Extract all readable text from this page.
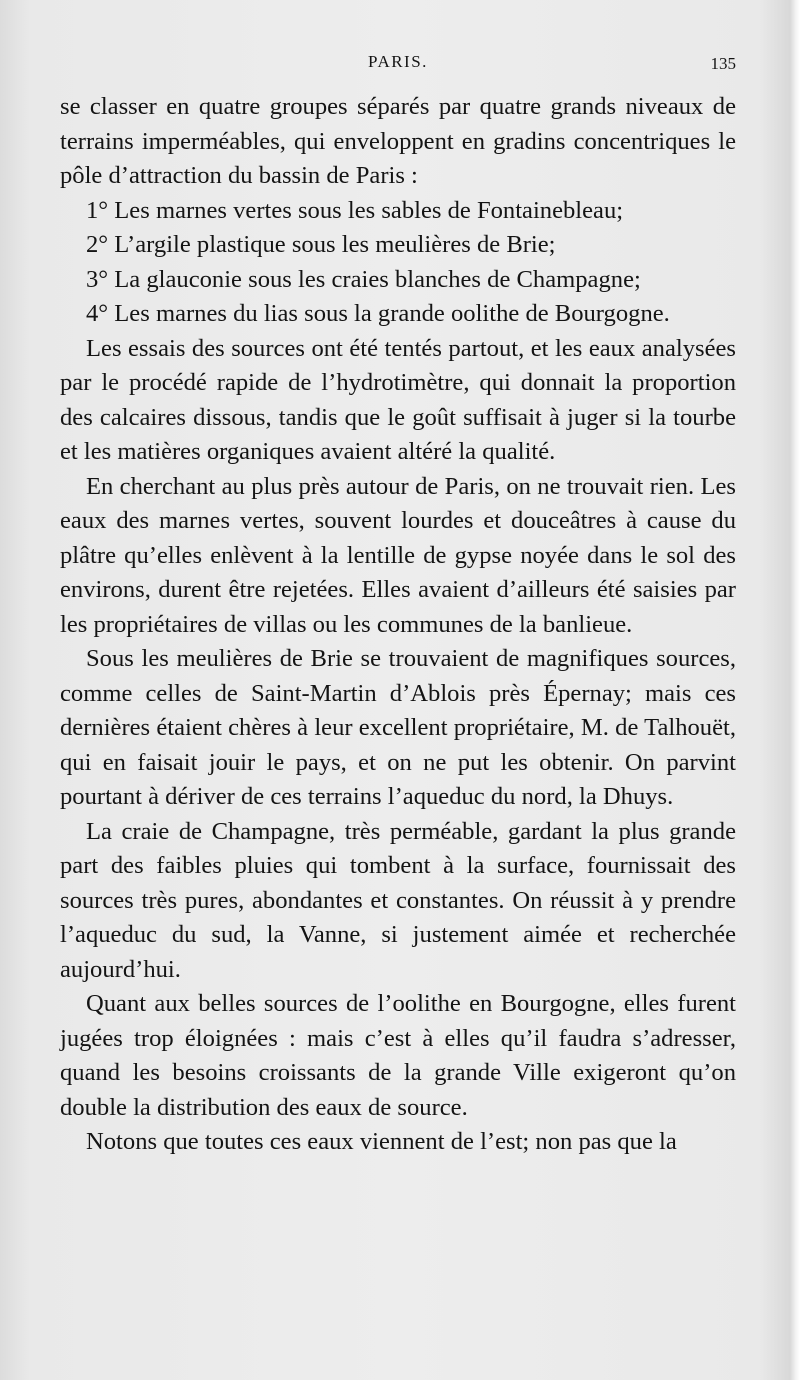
PARIS.	135

se classer en quatre groupes séparés par quatre grands niveaux de terrains imperméables, qui enveloppent en gradins concentriques le pôle d’attraction du bassin de Paris :

1° Les marnes vertes sous les sables de Fontainebleau;

2° L’argile plastique sous les meulières de Brie;

3° La glauconie sous les craies blanches de Champagne;

4° Les marnes du lias sous la grande oolithe de Bourgogne.

Les essais des sources ont été tentés partout, et les eaux analysées par le procédé rapide de l’hydrotimètre, qui donnait la proportion des calcaires dissous, tandis que le goût suffisait à juger si la tourbe et les matières organiques avaient altéré la qualité.

En cherchant au plus près autour de Paris, on ne trouvait rien. Les eaux des marnes vertes, souvent lourdes et douceâtres à cause du plâtre qu’elles enlèvent à la lentille de gypse noyée dans le sol des environs, durent être rejetées. Elles avaient d’ailleurs été saisies par les propriétaires de villas ou les communes de la banlieue.

Sous les meulières de Brie se trouvaient de magnifiques sources, comme celles de Saint-Martin d’Ablois près Épernay; mais ces dernières étaient chères à leur excellent propriétaire, M. de Talhouët, qui en faisait jouir le pays, et on ne put les obtenir. On parvint pourtant à dériver de ces terrains l’aqueduc du nord, la Dhuys.

La craie de Champagne, très perméable, gardant la plus grande part des faibles pluies qui tombent à la surface, fournissait des sources très pures, abondantes et constantes. On réussit à y prendre l’aqueduc du sud, la Vanne, si justement aimée et recherchée aujourd’hui.

Quant aux belles sources de l’oolithe en Bourgogne, elles furent jugées trop éloignées : mais c’est à elles qu’il faudra s’adresser, quand les besoins croissants de la grande Ville exigeront qu’on double la distribution des eaux de source.

Notons que toutes ces eaux viennent de l’est; non pas que la
